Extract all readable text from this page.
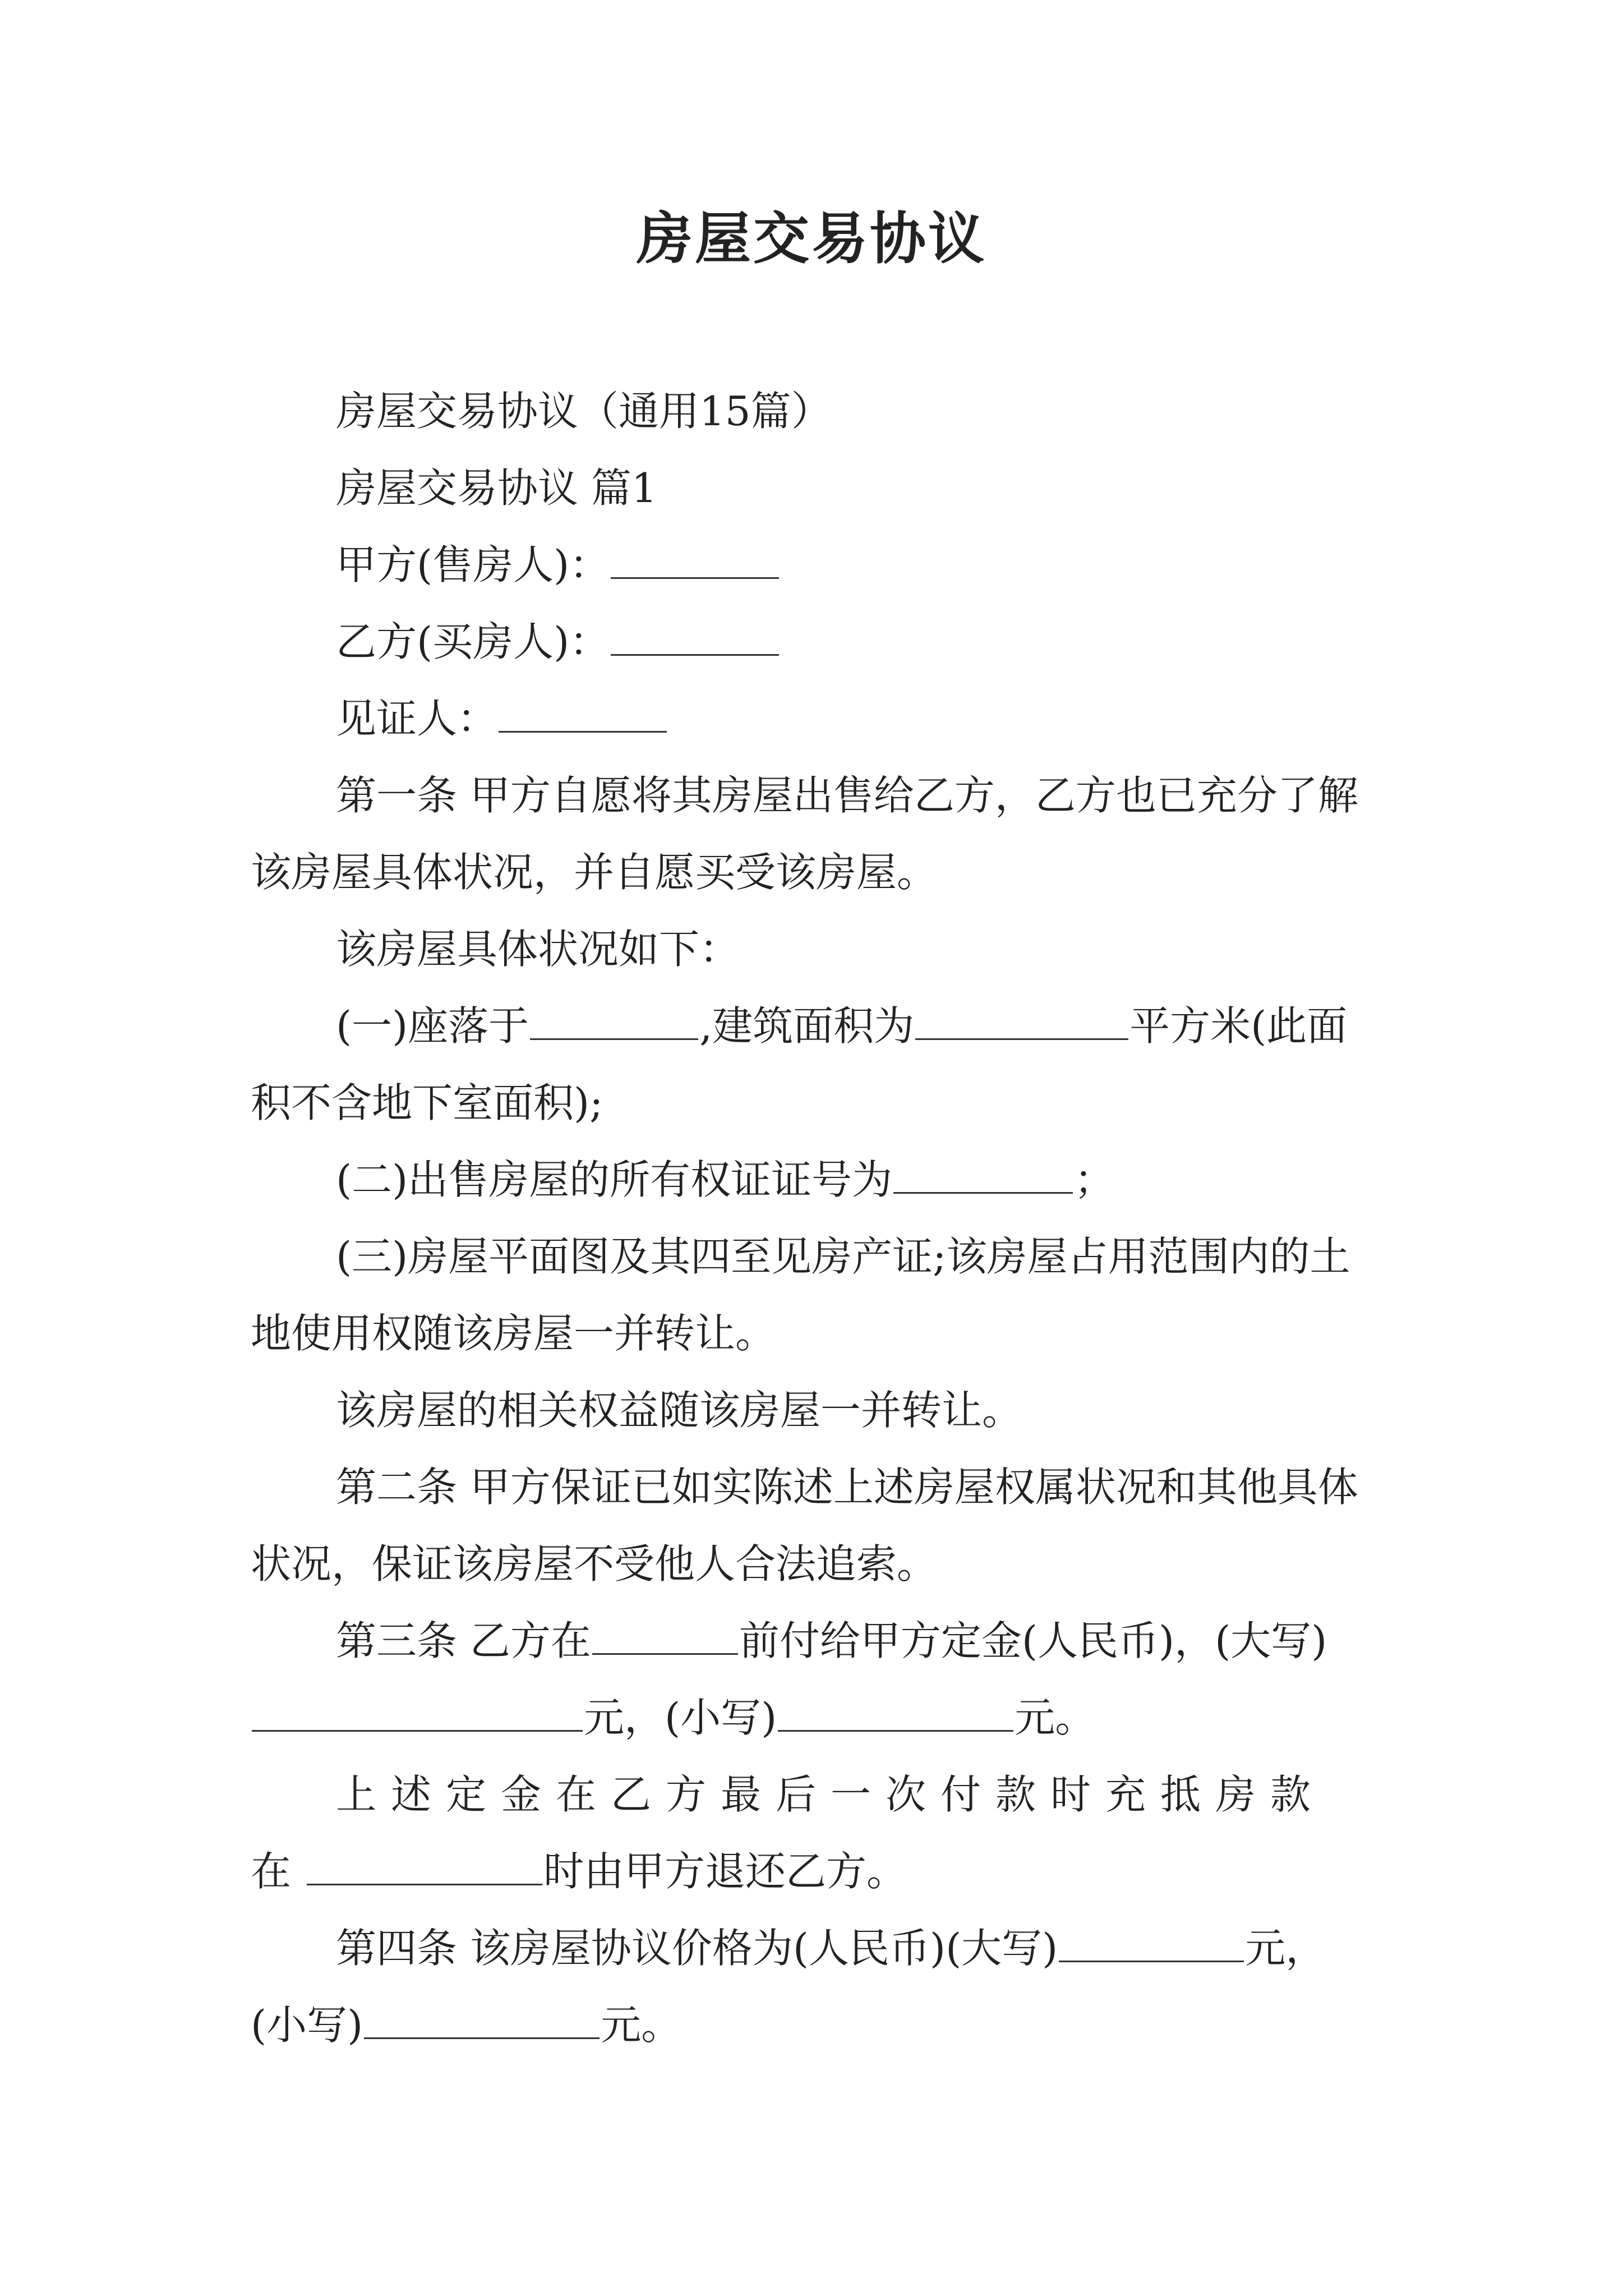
房屋交易协议

房屋交易协议（通用15篇）

房屋交易协议 篇1

甲方(售房人)：

乙方(买房人)：

见证人：

第一条 甲方自愿将其房屋出售给乙方，乙方也已充分了解该房屋具体状况，并自愿买受该房屋。

该房屋具体状况如下：

(一)座落于	,建筑面积为	平方米(此面积不含地下室面积);

(二)出售房屋的所有权证证号为	；

(三)房屋平面图及其四至见房产证;该房屋占用范围内的土地使用权随该房屋一并转让。

该房屋的相关权益随该房屋一并转让。

第二条 甲方保证已如实陈述上述房屋权属状况和其他具体状况，保证该房屋不受他人合法追索。

第三条 乙方在	前付给甲方定金(人民币)，(大写)元，(小写)	元。

上述定金在乙方最后一次付款时充抵房款在	时由甲方退还乙方。

第四条 该房屋协议价格为(人民币)(大写)	元，(小写)	元。
